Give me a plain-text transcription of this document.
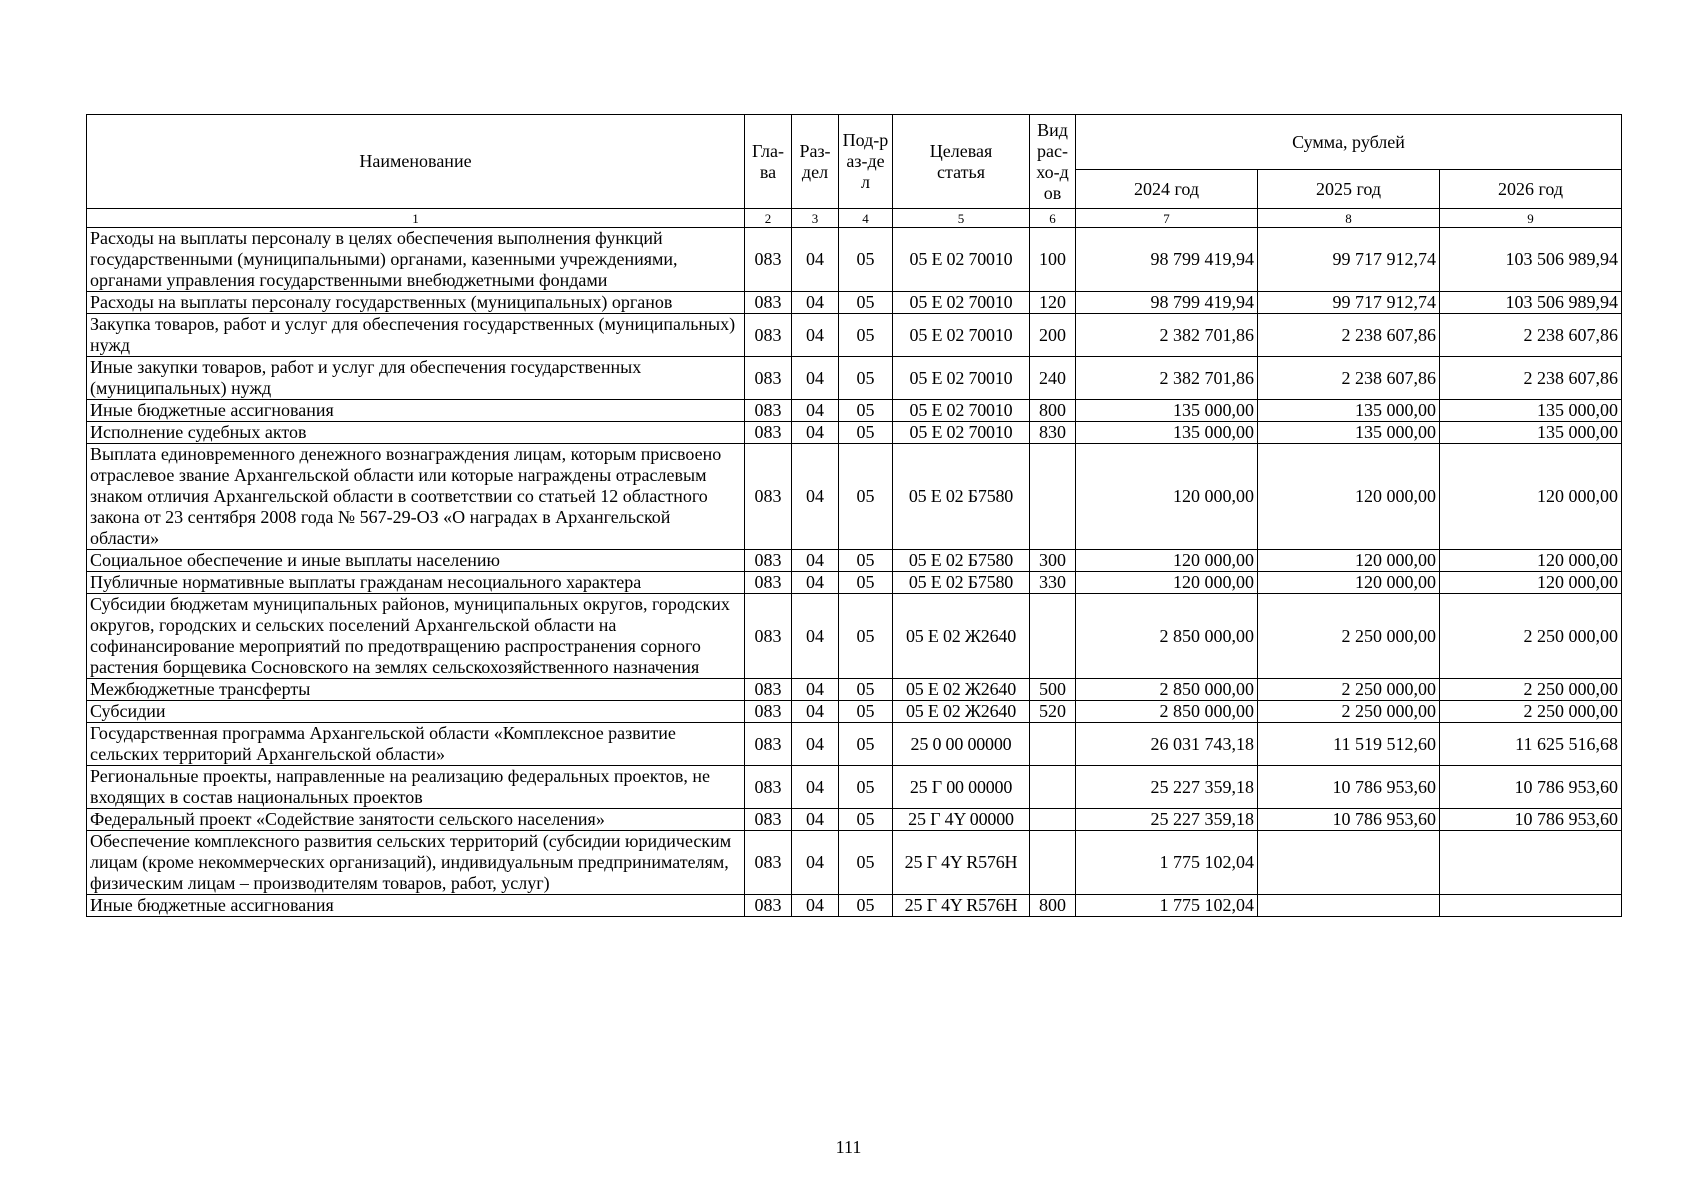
Наименование	Гла-ва	Раз-дел	Под-раз-дел	Целевая статья	Вид рас-хо-дов	Сумма, рублей		
						2024 год	2025 год	2026 год
1	2	3	4	5	6	7	8	9
Расходы на выплаты персоналу в целях обеспечения выполнения функций государственными (муниципальными) органами, казенными учреждениями, органами управления государственными внебюджетными фондами	083	04	05	05 Е 02 70010	100	98 799 419,94	99 717 912,74	103 506 989,94
Расходы на выплаты персоналу государственных (муниципальных) органов	083	04	05	05 Е 02 70010	120	98 799 419,94	99 717 912,74	103 506 989,94
Закупка товаров, работ и услуг для обеспечения государственных (муниципальных) нужд	083	04	05	05 Е 02 70010	200	2 382 701,86	2 238 607,86	2 238 607,86
Иные закупки товаров, работ и услуг для обеспечения государственных (муниципальных) нужд	083	04	05	05 Е 02 70010	240	2 382 701,86	2 238 607,86	2 238 607,86
Иные бюджетные ассигнования	083	04	05	05 Е 02 70010	800	135 000,00	135 000,00	135 000,00
Исполнение судебных актов	083	04	05	05 Е 02 70010	830	135 000,00	135 000,00	135 000,00
Выплата единовременного денежного вознаграждения лицам, которым присвоено отраслевое звание Архангельской области или которые награждены отраслевым знаком отличия Архангельской области в соответствии со статьей 12 областного закона от 23 сентября 2008 года № 567-29-ОЗ «О наградах в Архангельской области»	083	04	05	05 Е 02 Б7580		120 000,00	120 000,00	120 000,00
Социальное обеспечение и иные выплаты населению	083	04	05	05 Е 02 Б7580	300	120 000,00	120 000,00	120 000,00
Публичные нормативные выплаты гражданам несоциального характера	083	04	05	05 Е 02 Б7580	330	120 000,00	120 000,00	120 000,00
Субсидии бюджетам муниципальных районов, муниципальных округов, городских округов, городских и сельских поселений Архангельской области на софинансирование мероприятий по предотвращению распространения сорного растения борщевика Сосновского на землях сельскохозяйственного назначения	083	04	05	05 Е 02 Ж2640		2 850 000,00	2 250 000,00	2 250 000,00
Межбюджетные трансферты	083	04	05	05 Е 02 Ж2640	500	2 850 000,00	2 250 000,00	2 250 000,00
Субсидии	083	04	05	05 Е 02 Ж2640	520	2 850 000,00	2 250 000,00	2 250 000,00
Государственная программа Архангельской области «Комплексное развитие сельских территорий Архангельской области»	083	04	05	25 0 00 00000		26 031 743,18	11 519 512,60	11 625 516,68
Региональные проекты, направленные на реализацию федеральных проектов, не входящих в состав национальных проектов	083	04	05	25 Г 00 00000		25 227 359,18	10 786 953,60	10 786 953,60
Федеральный проект «Содействие занятости сельского населения»	083	04	05	25 Г 4Y 00000		25 227 359,18	10 786 953,60	10 786 953,60
Обеспечение комплексного развития сельских территорий (субсидии юридическим лицам (кроме некоммерческих организаций), индивидуальным предпринимателям, физическим лицам – производителям товаров, работ, услуг)	083	04	05	25 Г 4Y R576H		1 775 102,04		
Иные бюджетные ассигнования	083	04	05	25 Г 4Y R576H	800	1 775 102,04		
111
